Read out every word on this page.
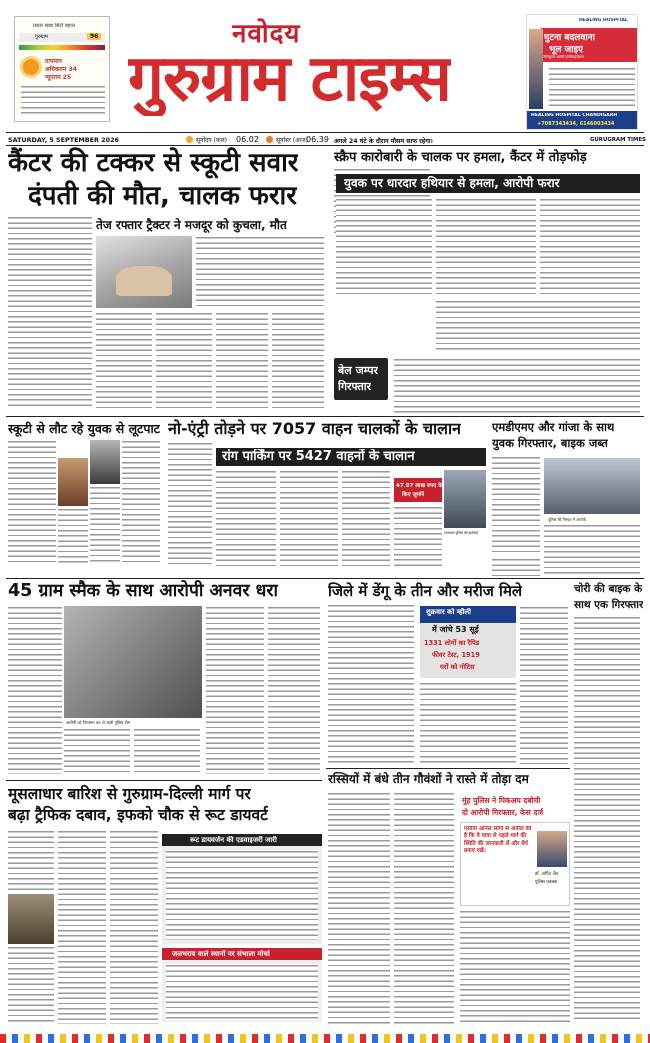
प्रकार खाद्य सिटी बहाल
गुरुग्राम	96
तापमान
अधिकतम 34
न्यूनतम 25
नवोदय
गुरुग्राम टाइम्स
HEALING HOSPITAL
घुटना बदलवाना
भूल जाइए
जेनिकुलर आर्टरी एम्बोलाइजेशन
HEALING HOSPITAL CHANDIGARH
+7087343434, 6146003434
SATURDAY, 5 SEPTEMBER 2026	सूर्योदय (कल) 06.02	सूर्यास्त (आज)
06.39 अगले 24 घंटे के दौरान मौसम साफ रहेगा।	GURUGRAM TIMES
कैंटर की टक्कर से स्कूटी सवार
दंपती की मौत, चालक फरार
स्क्रैप कारोबारी के चालक पर हमला, कैंटर में तोड़फोड़
तेज रफ्तार ट्रैक्टर ने मजदूर को कुचला, मौत
युवक पर धारदार हथियार से हमला, आरोपी फरार
बेल जम्पर
गिरफ्तार
स्कूटी से लौट रहे युवक से लूटपाट नो-एंट्री तोड़ने पर 7057 वाहन चालकों के चालान
रांग पार्किंग पर 5427 वाहनों के चालान
47.97 लाख रुपए के
किए जुर्माने
यातायात पुलिस की कार्रवाई
एमडीएमए और गांजा के साथ
युवक गिरफ्तार, बाइक जब्त
पुलिस की गिरफ्त में आरोपी
45 ग्राम स्मैक के साथ आरोपी अनवर धरा
आरोपी को गिरफ्तार कर ले जाती पुलिस टीम
जिले में डेंगू के तीन और मरीज मिले
शुक्रवार को म्हौली
में जांचे 53 सूई
1331 लोगों का रैपिड
फीवर टेस्ट, 1919
घरों को नोटिस
चोरी की बाइक के
साथ एक गिरफ्तार
रस्सियों में बंधे तीन गौवंशों ने रास्ते में तोड़ा दम
मुंह पुलिस ने पिकअप दबोची
दो आरोपी गिरफ्तार, केस दर्ज
एसीपी अनिल लोगों से अपील की है कि वे यात्रा से पहले मार्ग की स्थिति की जानकारी लें और धैर्य बनाए रखें।
डॉ. अर्पित जैन
पुलिस प्रवक्ता
मूसलाधार बारिश से गुरुग्राम-दिल्ली मार्ग पर
बढ़ा ट्रैफिक दबाव, इफको चौक से रूट डायवर्ट
रूट डायवर्जन की एडवाइजरी जारी
जलभराव वाले स्थानों पर संभाला मोर्चा
